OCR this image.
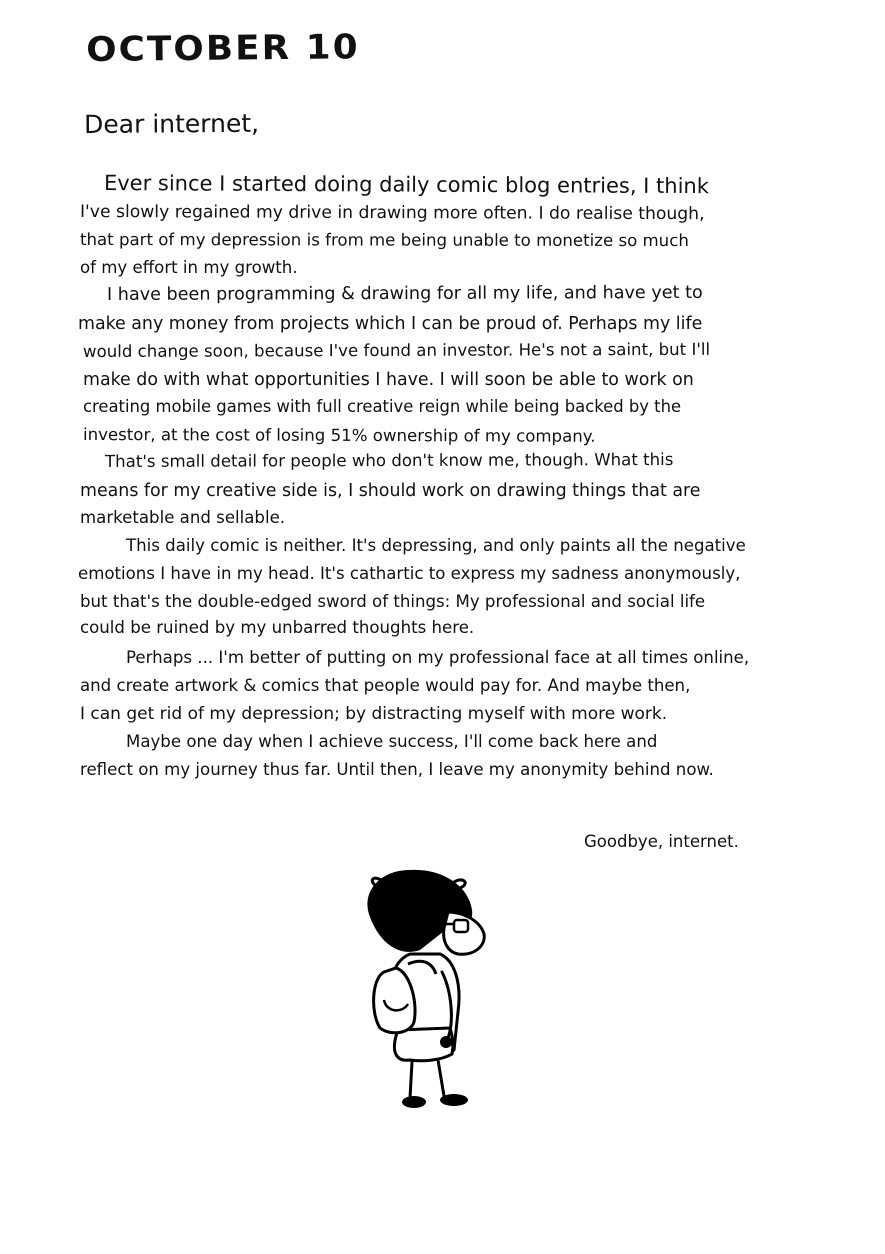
OCTOBER 10
Dear internet,
Ever since I started doing daily comic blog entries, I think
I've slowly regained my drive in drawing more often. I do realise though,
that part of my depression is from me being unable to monetize so much
of my effort in my growth.
I have been programming & drawing for all my life, and have yet to
make any money from projects which I can be proud of. Perhaps my life
would change soon, because I've found an investor. He's not a saint, but I'll
make do with what opportunities I have. I will soon be able to work on
creating mobile games with full creative reign while being backed by the
investor, at the cost of losing 51% ownership of my company.
That's small detail for people who don't know me, though. What this
means for my creative side is, I should work on drawing things that are
marketable and sellable.
This daily comic is neither. It's depressing, and only paints all the negative
emotions I have in my head. It's cathartic to express my sadness anonymously,
but that's the double-edged sword of things: My professional and social life
could be ruined by my unbarred thoughts here.
Perhaps ... I'm better of putting on my professional face at all times online,
and create artwork & comics that people would pay for. And maybe then,
I can get rid of my depression; by distracting myself with more work.
Maybe one day when I achieve success, I'll come back here and
reflect on my journey thus far. Until then, I leave my anonymity behind now.
Goodbye, internet.
